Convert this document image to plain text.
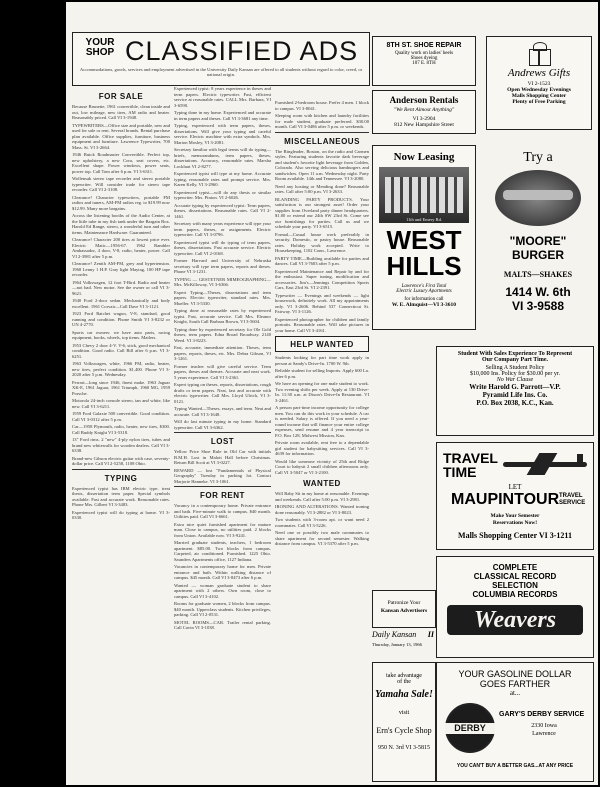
YOUR
SHOP CLASSIFIED ADS
Accommodations, goods, services and employment advertised in the University Daily Kansan are offered to all students without regard to color, creed, or national origin.
FOR SALE

Because Brunette, 1961 convertible, clean inside and out, low mileage, new tires, AM radio and heater. Reasonably priced. Call VI 3-1948.

TYPEWRITERS—Office size and portable, new and used for sale or rent. Several brands. Rental purchase plan available. Office supplies, furniture, business equipment and furniture. Lawrence Typewriter, 700 Mass. St. VI 3-2664.

1946 Buick Roadmaster Convertible. Perfect top, new upholstery, a new Cora, seat covers, etc. Excellent shape. Power windows, power seats, power top. Call Tom after 6 p.m. VI 3-6311.

Wollensak stereo tape recorder and stereo portable typewriter. Will consider trade for stereo tape recorder. Call VI 2-3108.

Clearance! Character typewriters, portable FM radios and tuners, AM-FM radios reg. to $19.99 now $12.99. Many more bargains.

Across the listening booths of the Audio Center, at the little tube in my fish tank under the Bargain Box. Harold Ed Range, stereo, a wonderful turn and other items. Maintenance Hardware. Guaranteed.

Clearance! Character 200 tires at lowest price ever. Electric Matic—1956-67. 1962 Rambler Ambassador, 4 door, V-8, radio, heater, power. Call VI 2-3981 after 5 p.m.

Clearance! Zenith AM-FM, grey and hypertension. 1968 Lenny 1 H.P. Gray light Maytag, 100 HP tape recorder.

1964 Volkswagen, 12 foot T-Bird. Radio and heater—not bad. New motor. See the owner or call VI 3-9621.

1940 Ford 2-door sedan. Mechanically and body excellent. 1961 Corvair—Call Dave VI 3-1121.

1923 Ford Ratchet wagon, V-8, standard, good running and condition. Phone Smith VI 3-8232 or UN 4-2770.

Sports car owners: we have auto parts, racing equipment, books, wheels, top items. Mailers.

1953 Chevy 2 door 4-V. V-6, stick, good mechanical condition. Good radio. Call Bill after 6 p.m. VI 3-6251.

1963 Volkswagen, white, 1966 FM, radio, heater, new tires, perfect condition. $1,400. Phone VI 3-2020 after 5 p.m. Wednesday.

Ferrari—long since 1946, finest make. 1963 Jaguar XK-E, 1961 Jaguar, 1961 Triumph, 1960 MG, 1959 Porsche.

Motorola 24-inch console stereo, tan and white, like new. Call VI 3-6211.

1959 Ford Galaxie 500 convertible. Good condition. Call VI 3-0312 after 5 p.m.

Car—1958 Plymouth, radio, heater, new tires, $300. Call Buddy Knight VI 3-5318.

13" Ford rims. 2 "new" 4-ply nylon tires, tubes and brand new whitewalls for wooden dealers. Call VI 3-6338.

Brand-new Gibson electric guitar with case, seventy-dollar price. Call VI 2-5258, 1108 Ohio.

TYPING

Experienced typist has IBM electric type, treat thesis, dissertation term paper. Special symbols available. Fast and accurate work. Reasonable rates. Phone Mrs. Gilbert VI 3-3483.

Experienced typist will do typing at home. VI 3-0330.

Experienced typist: 8 years experience in theses and term papers. Electric typewriter. Fast, efficient service at reasonable rates. CALL Mrs. Barbara, VI 3-6590.

Typing done in my home. Experienced and accurate in term papers and theses. Call VI 3-3681 any time.

Typing, experienced with term papers, theses, dissertations. Will give your typing and careful service. Electric machine with extra symbols. Mrs. Marion Mosley, VI 3-2081.

Secretary familiar with legal terms will do typing—briefs, memorandums, term papers, theses, dissertations. Accuracy, reasonable rates. Marsha Lockhart VI 2-8277.

Experienced typist will type at my home. Accurate typing, reasonable rates and prompt service. Mrs. Karen Kelly, VI 3-2960.

Experienced typist—will do any thesis or similar typewriter. Mrs. Pinion. VI 2-6026.

Accurate typing by experienced typist: Term papers, theses, dissertations. Reasonable rates. Call VI 2-1461.

Secretary with many years experience will type your term papers, theses, or assignments. Electric typewriter. Call VI 3-0796.

Experienced typist will do typing of term papers, theses, dissertations. Fast accurate service. Electric typewriter. Call VI 2-0168.

Former Harvard and University of Nebraska secretary will type term papers, reports and theses. Phone VI 3-1231.

TYPING — GESTETNER MIMEOGRAPHING—Mrs. McKilloway, VI 3-6366.

Expert Typing—Theses, dissertations and term papers. Electric typewriter, standard rates. Mrs. Mueller. VI 3-5330.

Typing done at reasonable rates by experienced typist. Fast, accurate service. Call Mrs. Eleanor Knight, South Call Barbara Brown, VI 3-5604.

Typing done by experienced secretary for Ole Gold theses, term papers. Edna Broad Broadway. 2140 Weed. VI 3-8223.

Fast, accurate, immediate attention. Theses, term papers, reports, theses, etc. Mrs. Debra Gibson, VI 3-1261.

Former teacher will give careful service. Term papers, theses and themes. Accurate and neat work. 5 years experience. Call VI 3-2361.

Expert typing on theses, reports, dissertations, rough drafts or term papers. Neat, fast and accurate with electric typewriter. Call Mrs. Lloyd Ulrich, VI 3-0121.

Typing Wanted—Theses, essays, and term. Neat and accurate. Call VI 3-1648.

Will do last minute typing in my home. Standard typewriter. Call VI 3-6362.

LOST

Yellow Price Shoe Rule in Old Car with initials B.M.H. Lost in Malott Hall before Christmas. Return Bill Scott at VI 3-0227.

REWARD — lost "Fundamentals of Physical Geography" Tuesday in parking lot. Contact Marjorie Hanneke. VI 3-1061.

FOR RENT

Vacancy in a contemporary home. Private entrance and bath. Five-minute walk to campus. $40 month. Utilities paid. Call VI 3-6661.

Extra nice quiet furnished apartment for mature man. Close to campus, no utilities paid. 2 blocks from Union. Available now. VI 3-9241.

Married graduate students, teachers, 1 bedroom apartment. $85.00. Two blocks from campus. Carpeted, air conditioned. Furnished. 1225 Ohio. Saunders Apartments office, 1127 Indiana.

Vacancies in contemporary home for men. Private entrance and bath. Within walking distance of campus. $45 month. Call VI 3-8473 after 6 p.m.

Wanted — woman graduate student to share apartment with 2 others. Own room, close to campus. Call VI 3-4102.

Rooms for graduate women, 2 blocks from campus. $40 month. Upperclass students. Kitchen privileges, parking. Call VI 2-0531.

MOTEL ROOMS—CAR. Trailer rental parking. Call Cavin VI 3-1038.

Furnished 2-bedroom house. Prefer 4 men. 1 block to campus. VI 3-8041.

Sleeping room with kitchen and laundry facilities for male student, graduate preferred. $30.00 month. Call VI 3-0486 after 5 p.m. or weekends.

MISCELLANEOUS

The Ringleader, Boston, on the radio and Carmen styles. Featuring students favorite dark beverage and student's favorite light beverage from Golden, Colorado. Also serving delicious hamburgers and sandwiches. Open 11 a.m. Wednesday night. Party Room available. 14th and Tennessee. VI 3-2080.

Need any hosting or Mending done? Reasonable rates. Call after 5:00 p.m. VI 3-2633.

BLANDING PARTY PRODUCTS. Your satisfaction is our strongest asset! Order your supplies from Overland party dinner headquarters. $1.00 or extend our 24th SW 23rd St. Come see our furnishings for parties. Call us and we schedule your party. VI 3-6515.

Formal—Casual house work preferably in security. Domestic, or pastry house. Reasonable rates. Holiday work accepted. Write to Housekeeping, 1102 Conn., Lawrence.

PARTY TIME—Building available for parties and dances. Call VI 3-7603 after 5 p.m.

Experienced Maintenance and Repair by and for the enthusiast. Super tuning, modification and accessories. Jim's—Jennings Competition Sports Cars, East 23rd St. VI 2-2391.

Typewriter — Evenings and weekends — light housework, definitely work. All my appointments only. VI 3-2606. Behind 537 Connecticut St. Fairway. VI 3-1126.

Experienced photographer for children and family portraits. Reasonable rates. Will take pictures in your home. Call VI 3-4161.

HELP WANTED

Students looking for part time work apply in person at Sandy's Drive-In. 1700 W. 9th.

Reliable student for selling Imports. Apply 600 La. after 6 p.m.

We have an opening for one male student to work. Two evening shifts per week. Apply at 130 Drive-In. 11:30 a.m. at Dixon's Drive-In Restaurant. VI 3-2461.

A person part-time income opportunity for college men. You can do this work in your schedule. A car is needed. Salary is offered. If you need a year-round income that will finance your entire college expenses, send resume and 4 year transcript to P.O. Box 128, Midwest Mission, Kan.

Private room available, rent free to a dependable girl student for babysitting services. Call VI 3-4639 for information.

Would like someone vicinity of 25th and Ridge Court to babysit 2 small children afternoons only. Call VI 3-5047 or VI 3-2100.

WANTED

Will Baby Sit in my home at reasonable. Evenings and weekends. Call after 5:00 p.m. VI 3-2981.

IRONING AND ALTERATIONS. Wanted ironing done reasonably. VI 3-2882 or VI 3-8023.

Two students with 3-room apt. or want need 2 roommates. Call VI 3-5226.

Need one or possibly two male roommates to share apartment for second semester. Walking distance from campus. VI 3-5370 after 5 p.m.

8TH ST. SHOE REPAIR
Quality work on ladies' heels
Shoes dyeing
107 E. 8TH
Anderson Rentals
"We Rent Almost Anything"
VI 3-2904
812 New Hampshire Street
Now Leasing
11th and Emery Rd.
WEST
HILLS
Lawrence's First Total
Electric Luxury Apartments
for information call
W. E. Almquist—VI 3-3610
Patronize Your
Kansan Advertisers
Daily Kansan II
Thursday, January 13, 1966
take advantage
of the
Yamaha Sale!
visit
Ern's Cycle Shop
950 N. 3rd VI 3-5815
Andrews Gifts
VI 2-1523
Open Wednesday Evenings
Malls Shopping Center
Plenty of Free Parking
Try a
"MOORE"
BURGER
MALTS—SHAKES
1414 W. 6th
VI 3-9588
Student With Sales Experience To Represent
Our Company Part Time.
Selling A Student Policy
$10,000 Ins. Policy for $30.00 per yr.
No War Clause
Write Harold G. Parrott—V.P.
Pyramid Life Ins. Co.
P.O. Box 2038, K.C., Kan.
TRAVEL
TIME
LET
MAUPINTOUR TRAVEL
SERVICE
Make Your Semester
Reservations Now!
Malls Shopping Center VI 3-1211
COMPLETE
CLASSICAL RECORD
SELECTION
COLUMBIA RECORDS
Weavers
YOUR GASOLINE DOLLAR
GOES FARTHER
at...
DERBY
GARY'S DERBY SERVICE
2330 Iowa
Lawrence
YOU CAN'T BUY A BETTER GAS...AT ANY PRICE
